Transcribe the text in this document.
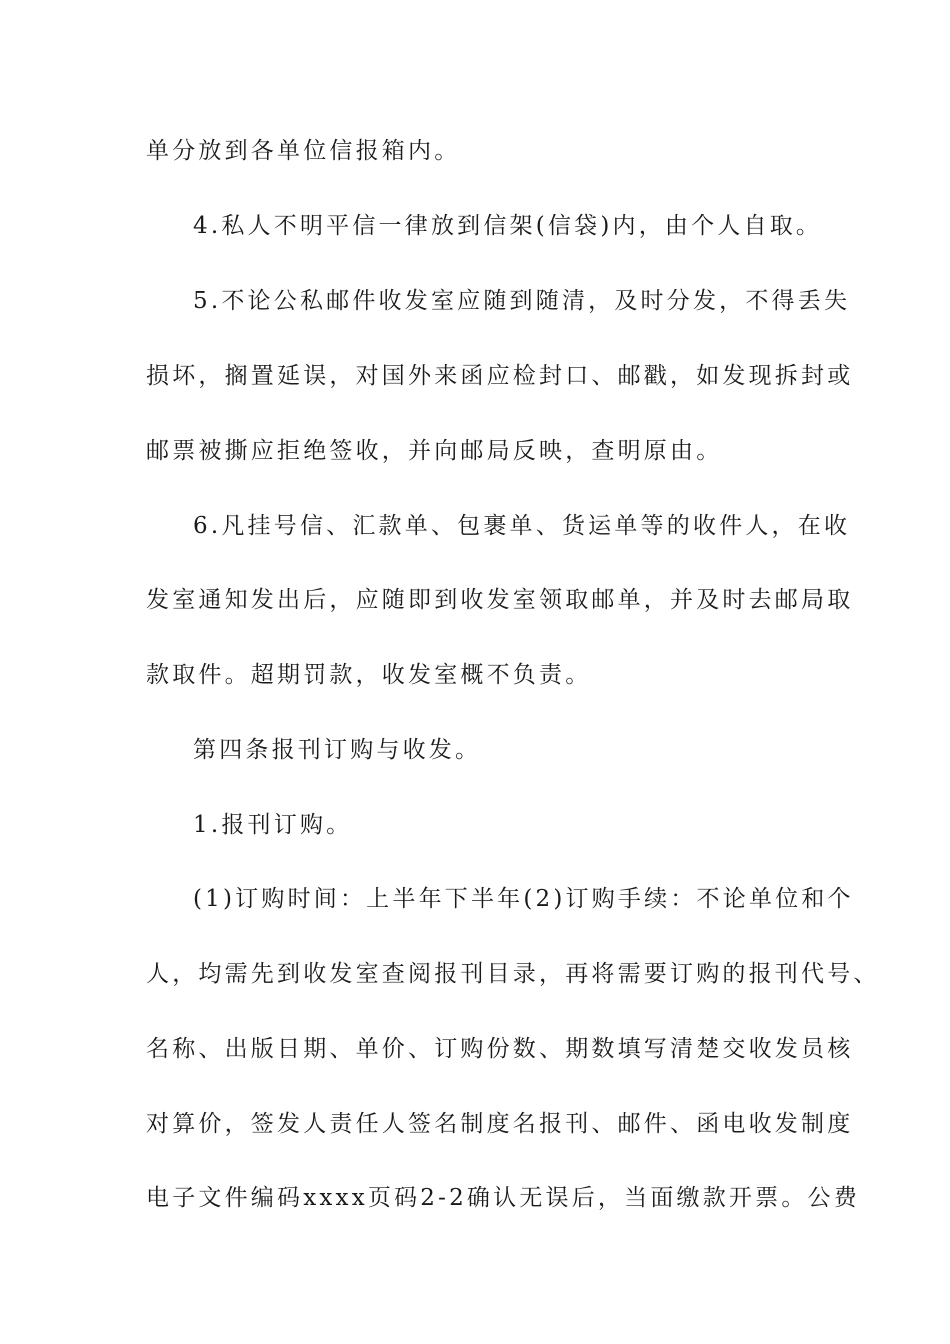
单分放到各单位信报箱内。
4.私人不明平信一律放到信架(信袋)内，由个人自取。
5.不论公私邮件收发室应随到随清，及时分发，不得丢失
损坏，搁置延误，对国外来函应检封口、邮戳，如发现拆封或
邮票被撕应拒绝签收，并向邮局反映，查明原由。
6.凡挂号信、汇款单、包裹单、货运单等的收件人，在收
发室通知发出后，应随即到收发室领取邮单，并及时去邮局取
款取件。超期罚款，收发室概不负责。
第四条报刊订购与收发。
1.报刊订购。
(1)订购时间：上半年下半年(2)订购手续：不论单位和个
人，均需先到收发室查阅报刊目录，再将需要订购的报刊代号、
名称、出版日期、单价、订购份数、期数填写清楚交收发员核
对算价，签发人责任人签名制度名报刊、邮件、函电收发制度
电子文件编码xxxx页码2-2确认无误后，当面缴款开票。公费
